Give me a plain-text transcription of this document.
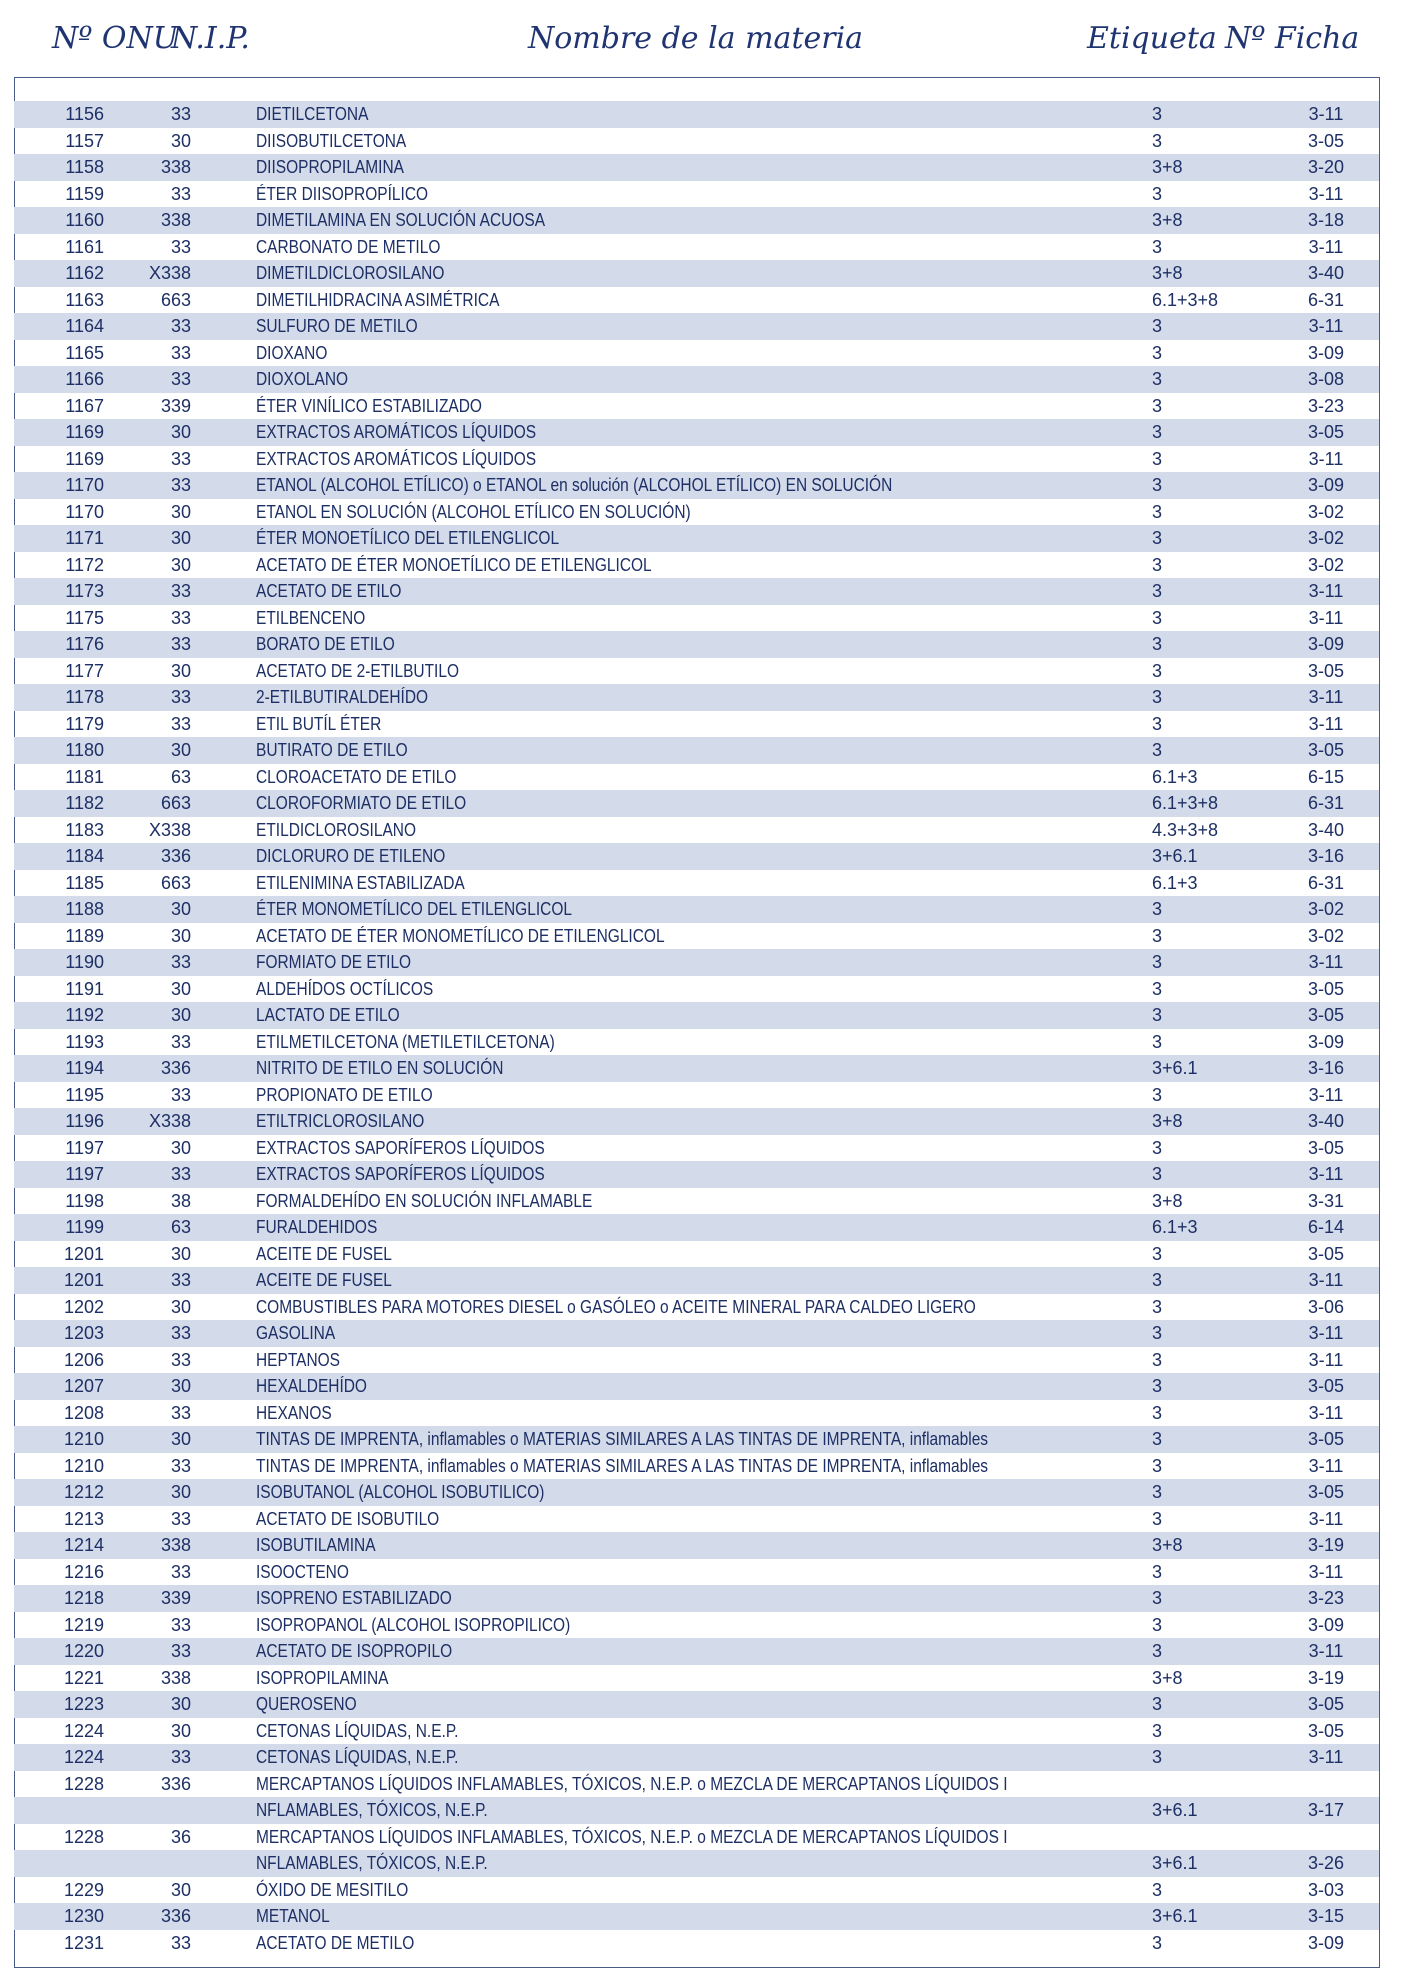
Nº ONU
N.I.P.	Nombre de la materia	Etiqueta Nº Ficha
1156	33	DIETILCETONA	3	3-11
1157	30	DIISOBUTILCETONA	3	3-05
1158	338	DIISOPROPILAMINA	3+8	3-20
1159	33	ÉTER DIISOPROPÍLICO	3	3-11
1160	338	DIMETILAMINA EN SOLUCIÓN ACUOSA	3+8	3-18
1161	33	CARBONATO DE METILO	3	3-11
1162	X338	DIMETILDICLOROSILANO	3+8	3-40
1163	663	DIMETILHIDRACINA ASIMÉTRICA	6.1+3+8	6-31
1164	33	SULFURO DE METILO	3	3-11
1165	33	DIOXANO	3	3-09
1166	33	DIOXOLANO	3	3-08
1167	339	ÉTER VINÍLICO ESTABILIZADO	3	3-23
1169	30	EXTRACTOS AROMÁTICOS LÍQUIDOS	3	3-05
1169	33	EXTRACTOS AROMÁTICOS LÍQUIDOS	3	3-11
1170	33	ETANOL (ALCOHOL ETÍLICO) o ETANOL en solución (ALCOHOL ETÍLICO) EN SOLUCIÓN	3	3-09
1170	30	ETANOL EN SOLUCIÓN (ALCOHOL ETÍLICO EN SOLUCIÓN)	3	3-02
1171	30	ÉTER MONOETÍLICO DEL ETILENGLICOL	3	3-02
1172	30	ACETATO DE ÉTER MONOETÍLICO DE ETILENGLICOL	3	3-02
1173	33	ACETATO DE ETILO	3	3-11
1175	33	ETILBENCENO	3	3-11
1176	33	BORATO DE ETILO	3	3-09
1177	30	ACETATO DE 2-ETILBUTILO	3	3-05
1178	33	2-ETILBUTIRALDEHÍDO	3	3-11
1179	33	ETIL BUTÍL ÉTER	3	3-11
1180	30	BUTIRATO DE ETILO	3	3-05
1181	63	CLOROACETATO DE ETILO	6.1+3	6-15
1182	663	CLOROFORMIATO DE ETILO	6.1+3+8	6-31
1183	X338	ETILDICLOROSILANO	4.3+3+8	3-40
1184	336	DICLORURO DE ETILENO	3+6.1	3-16
1185	663	ETILENIMINA ESTABILIZADA	6.1+3	6-31
1188	30	ÉTER MONOMETÍLICO DEL ETILENGLICOL	3	3-02
1189	30	ACETATO DE ÉTER MONOMETÍLICO DE ETILENGLICOL	3	3-02
1190	33	FORMIATO DE ETILO	3	3-11
1191	30	ALDEHÍDOS OCTÍLICOS	3	3-05
1192	30	LACTATO DE ETILO	3	3-05
1193	33	ETILMETILCETONA (METILETILCETONA)	3	3-09
1194	336	NITRITO DE ETILO EN SOLUCIÓN	3+6.1	3-16
1195	33	PROPIONATO DE ETILO	3	3-11
1196	X338	ETILTRICLOROSILANO	3+8	3-40
1197	30	EXTRACTOS SAPORÍFEROS LÍQUIDOS	3	3-05
1197	33	EXTRACTOS SAPORÍFEROS LÍQUIDOS	3	3-11
1198	38	FORMALDEHÍDO EN SOLUCIÓN INFLAMABLE	3+8	3-31
1199	63	FURALDEHIDOS	6.1+3	6-14
1201	30	ACEITE DE FUSEL	3	3-05
1201	33	ACEITE DE FUSEL	3	3-11
1202	30	COMBUSTIBLES PARA MOTORES DIESEL o GASÓLEO o ACEITE MINERAL PARA CALDEO LIGERO	3	3-06
1203	33	GASOLINA	3	3-11
1206	33	HEPTANOS	3	3-11
1207	30	HEXALDEHÍDO	3	3-05
1208	33	HEXANOS	3	3-11
1210	30	TINTAS DE IMPRENTA, inflamables o MATERIAS SIMILARES A LAS TINTAS DE IMPRENTA, inflamables	3	3-05
1210	33	TINTAS DE IMPRENTA, inflamables o MATERIAS SIMILARES A LAS TINTAS DE IMPRENTA, inflamables	3	3-11
1212	30	ISOBUTANOL (ALCOHOL ISOBUTILICO)	3	3-05
1213	33	ACETATO DE ISOBUTILO	3	3-11
1214	338	ISOBUTILAMINA	3+8	3-19
1216	33	ISOOCTENO	3	3-11
1218	339	ISOPRENO ESTABILIZADO	3	3-23
1219	33	ISOPROPANOL (ALCOHOL ISOPROPILICO)	3	3-09
1220	33	ACETATO DE ISOPROPILO	3	3-11
1221	338	ISOPROPILAMINA	3+8	3-19
1223	30	QUEROSENO	3	3-05
1224	30	CETONAS LÍQUIDAS, N.E.P.	3	3-05
1224	33	CETONAS LÍQUIDAS, N.E.P.	3	3-11
1228	336	MERCAPTANOS LÍQUIDOS INFLAMABLES, TÓXICOS, N.E.P. o MEZCLA DE MERCAPTANOS LÍQUIDOS I
NFLAMABLES, TÓXICOS, N.E.P.	3+6.1	3-17
1228	36	MERCAPTANOS LÍQUIDOS INFLAMABLES, TÓXICOS, N.E.P. o MEZCLA DE MERCAPTANOS LÍQUIDOS I
NFLAMABLES, TÓXICOS, N.E.P.	3+6.1	3-26
1229	30	ÓXIDO DE MESITILO	3	3-03
1230	336	METANOL	3+6.1	3-15
1231	33	ACETATO DE METILO	3	3-09
